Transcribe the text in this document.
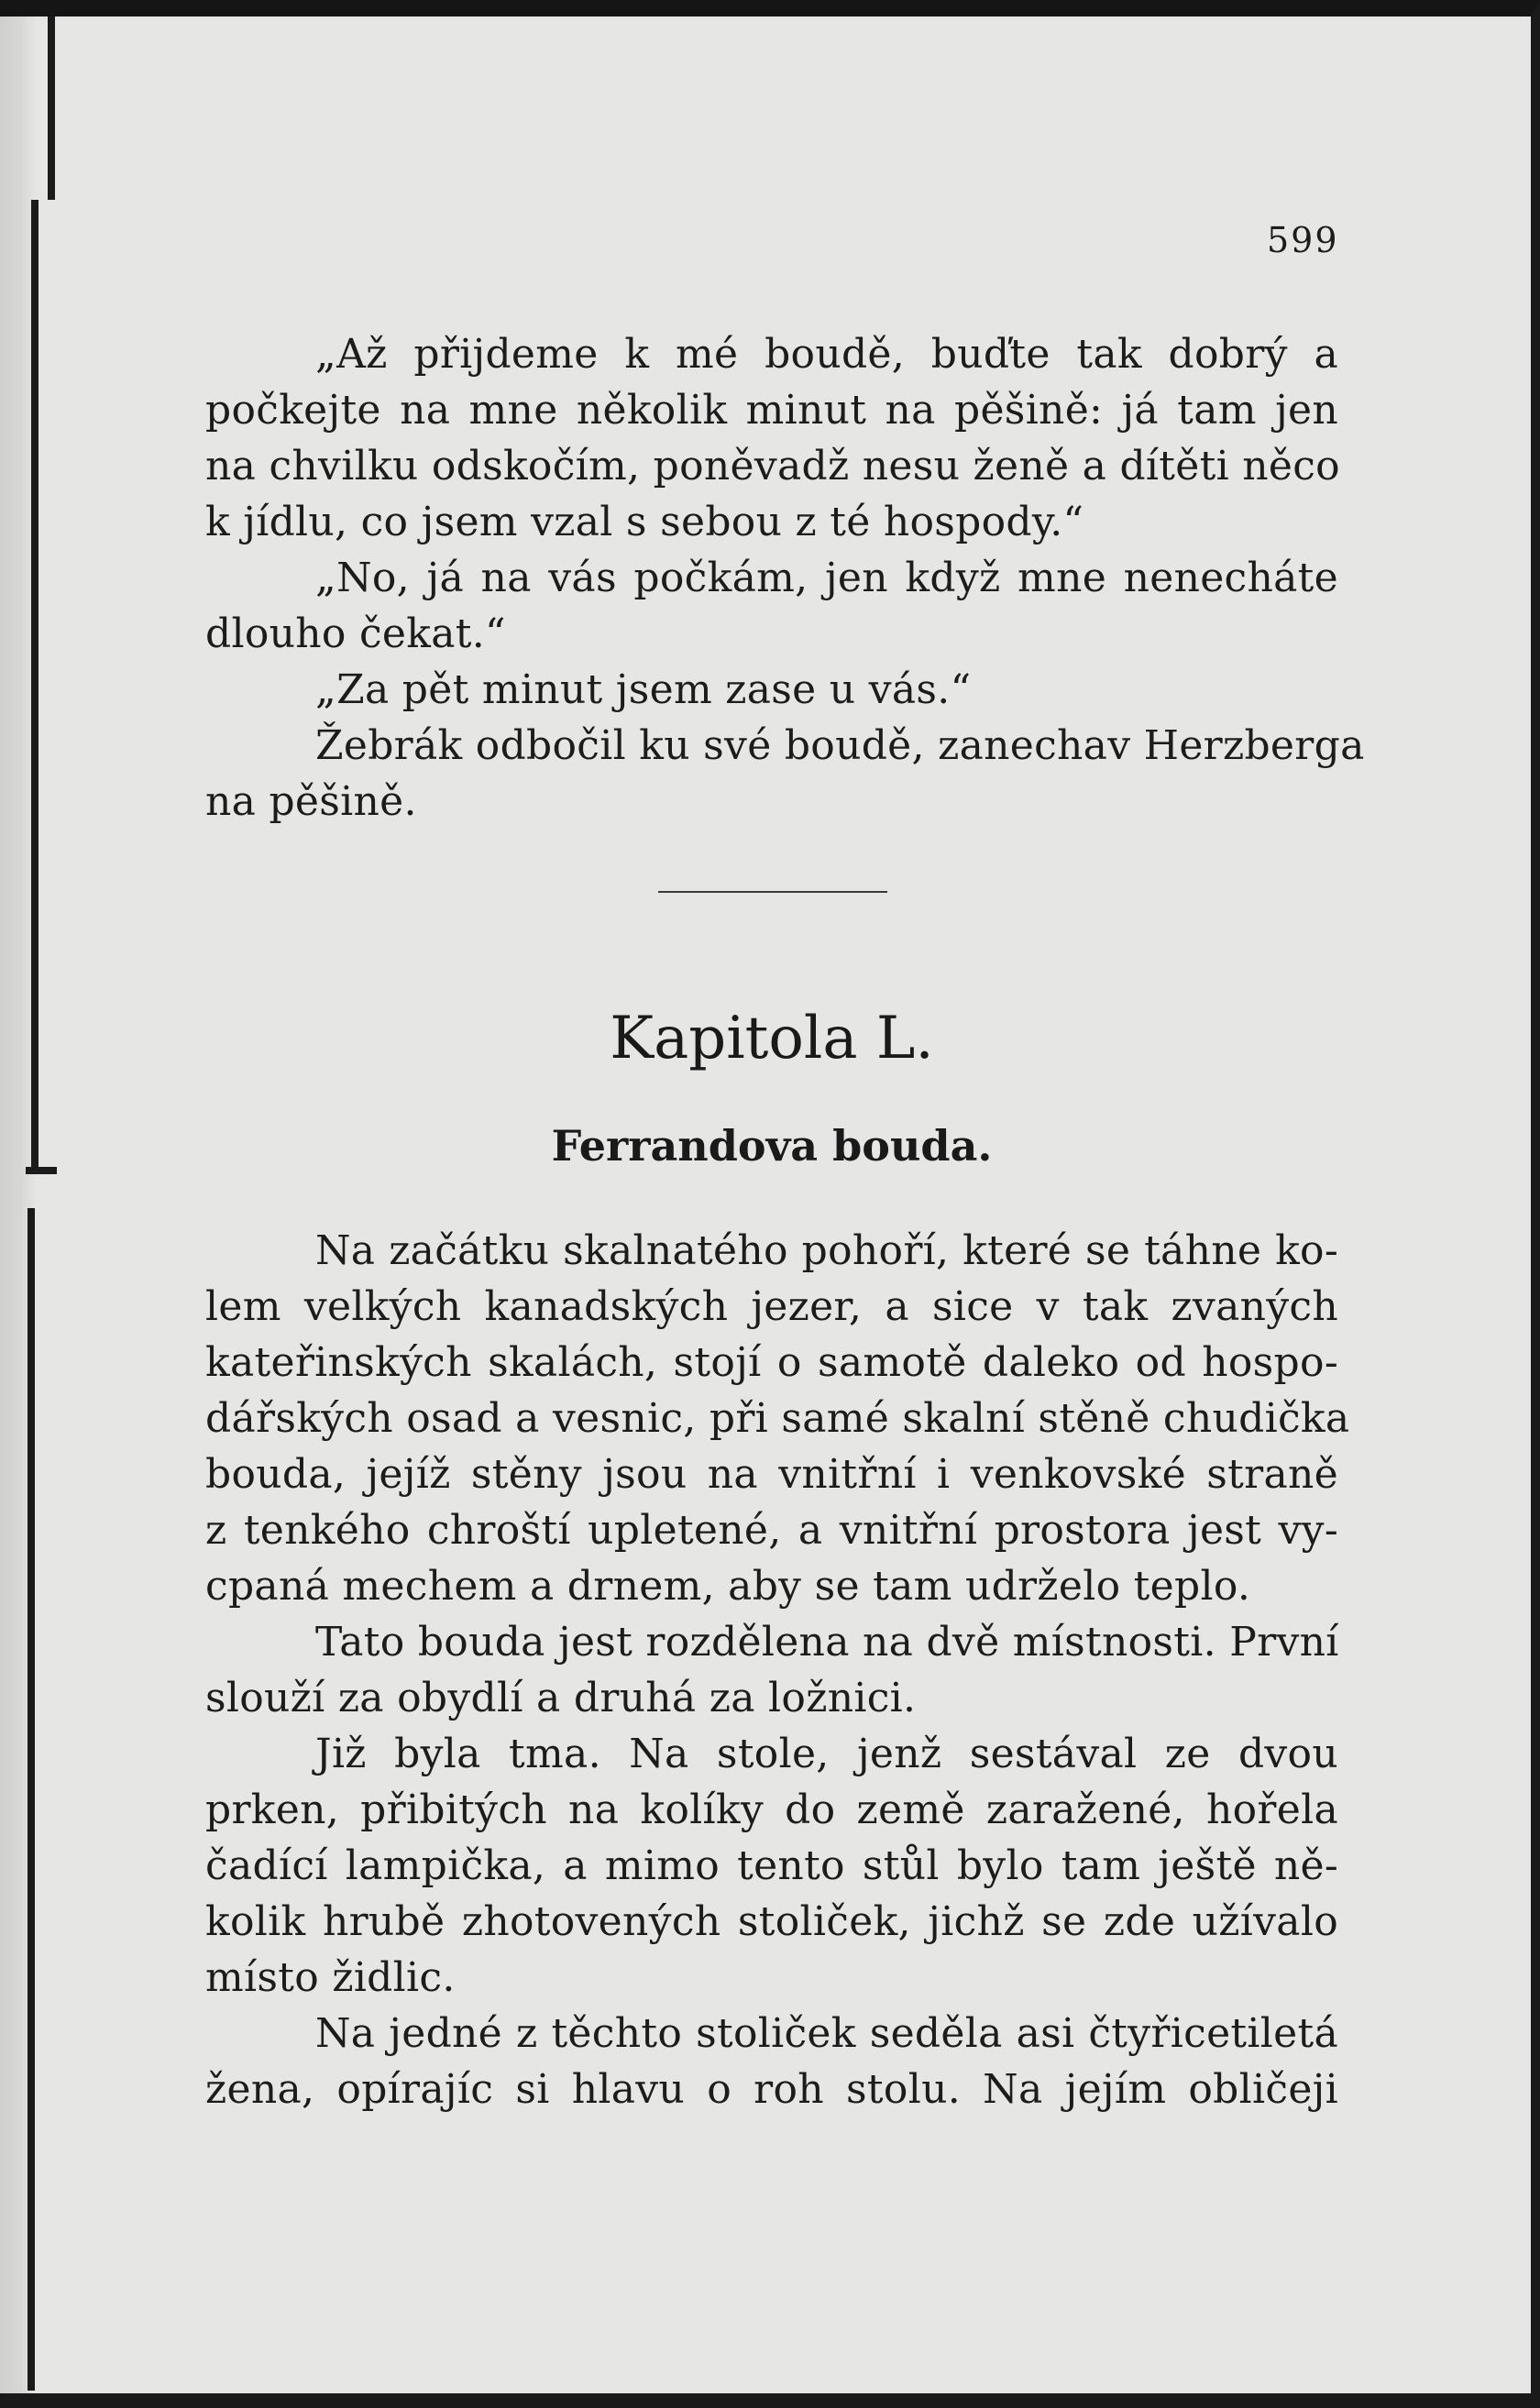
599
„Až přijdeme k mé boudě, buďte tak dobrý a
počkejte na mne několik minut na pěšině: já tam jen
na chvilku odskočím, poněvadž nesu ženě a dítěti něco
k jídlu, co jsem vzal s sebou z té hospody.“
„No, já na vás počkám, jen když mne nenecháte
dlouho čekat.“
„Za pět minut jsem zase u vás.“
Žebrák odbočil ku své boudě, zanechav Herzberga
na pěšině.
Kapitola L.
Ferrandova bouda.
Na začátku skalnatého pohoří, které se táhne ko-
lem velkých kanadských jezer, a sice v tak zvaných
kateřinských skalách, stojí o samotě daleko od hospo-
dářských osad a vesnic, při samé skalní stěně chudička
bouda, jejíž stěny jsou na vnitřní i venkovské straně
z tenkého chroští upletené, a vnitřní prostora jest vy-
cpaná mechem a drnem, aby se tam udrželo teplo.
Tato bouda jest rozdělena na dvě místnosti. První
slouží za obydlí a druhá za ložnici.
Již byla tma. Na stole, jenž sestával ze dvou
prken, přibitých na kolíky do země zaražené, hořela
čadící lampička, a mimo tento stůl bylo tam ještě ně-
kolik hrubě zhotovených stoliček, jichž se zde užívalo
místo židlic.
Na jedné z těchto stoliček seděla asi čtyřicetiletá
žena, opírajíc si hlavu o roh stolu. Na jejím obličeji
